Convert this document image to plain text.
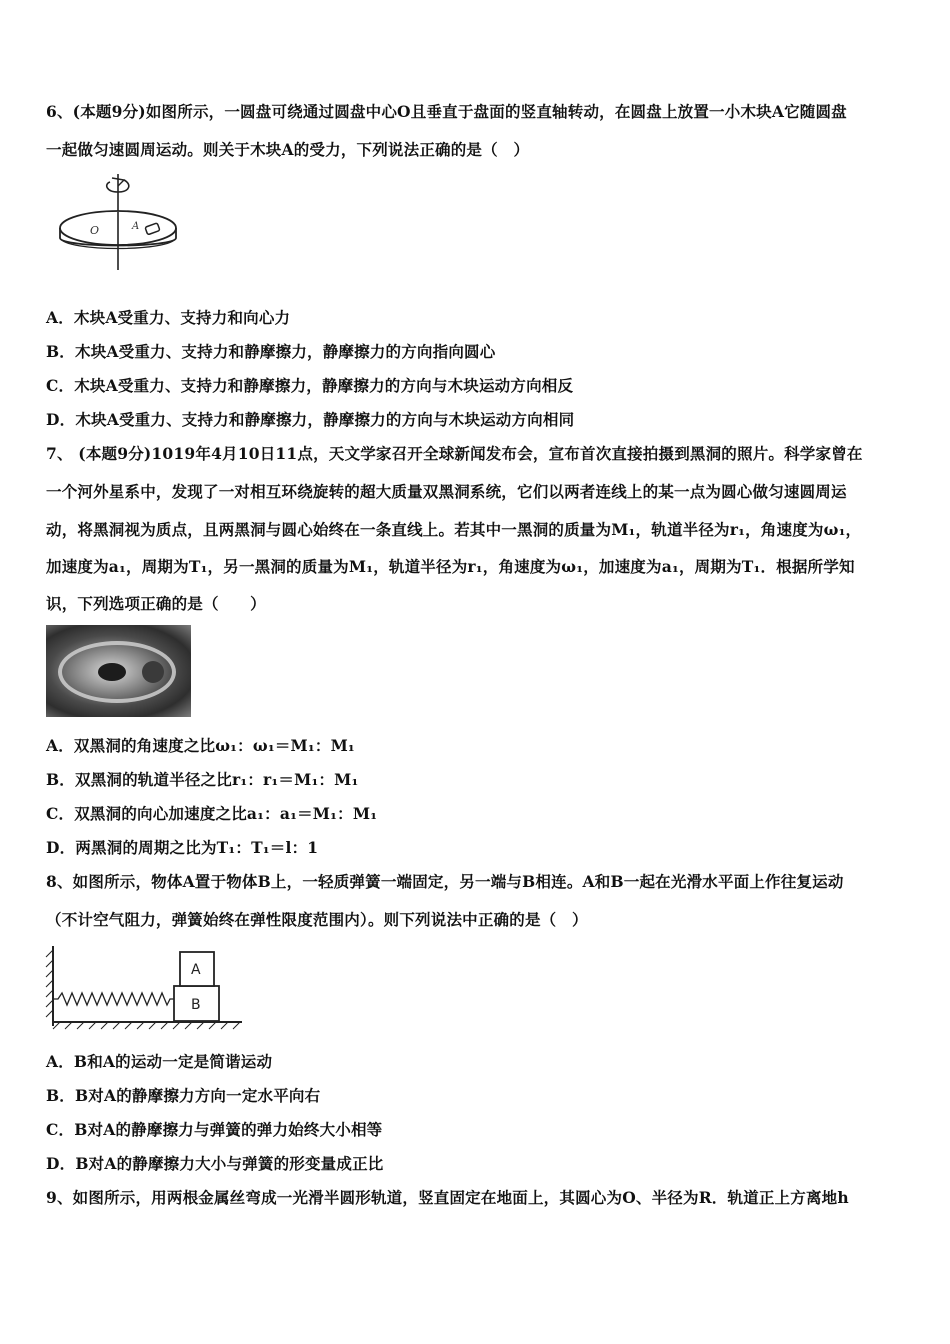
6、(本题9分)如图所示，一圆盘可绕通过圆盘中心O且垂直于盘面的竖直轴转动，在圆盘上放置一小木块A它随圆盘
一起做匀速圆周运动。则关于木块A的受力，下列说法正确的是（　）
O	A
A．木块A受重力、支持力和向心力
B．木块A受重力、支持力和静摩擦力，静摩擦力的方向指向圆心
C．木块A受重力、支持力和静摩擦力，静摩擦力的方向与木块运动方向相反
D．木块A受重力、支持力和静摩擦力，静摩擦力的方向与木块运动方向相同
7、 (本题9分)1019年4月10日11点，天文学家召开全球新闻发布会，宣布首次直接拍摄到黑洞的照片。科学家曾在
一个河外星系中，发现了一对相互环绕旋转的超大质量双黑洞系统，它们以两者连线上的某一点为圆心做匀速圆周运
动，将黑洞视为质点，且两黑洞与圆心始终在一条直线上。若其中一黑洞的质量为M₁，轨道半径为r₁，角速度为ω₁，
加速度为a₁，周期为T₁，另一黑洞的质量为M₁，轨道半径为r₁，角速度为ω₁，加速度为a₁，周期为T₁．根据所学知
识，下列选项正确的是（　　）
A．双黑洞的角速度之比ω₁：ω₁＝M₁：M₁
B．双黑洞的轨道半径之比r₁：r₁＝M₁：M₁
C．双黑洞的向心加速度之比a₁：a₁＝M₁：M₁
D．两黑洞的周期之比为T₁：T₁＝l：1
8、如图所示，物体A置于物体B上，一轻质弹簧一端固定，另一端与B相连。A和B一起在光滑水平面上作往复运动
（不计空气阻力，弹簧始终在弹性限度范围内）。则下列说法中正确的是（　）
A
B
A．B和A的运动一定是简谐运动
B．B对A的静摩擦力方向一定水平向右
C．B对A的静摩擦力与弹簧的弹力始终大小相等
D．B对A的静摩擦力大小与弹簧的形变量成正比
9、如图所示，用两根金属丝弯成一光滑半圆形轨道，竖直固定在地面上，其圆心为O、半径为R．轨道正上方离地h
